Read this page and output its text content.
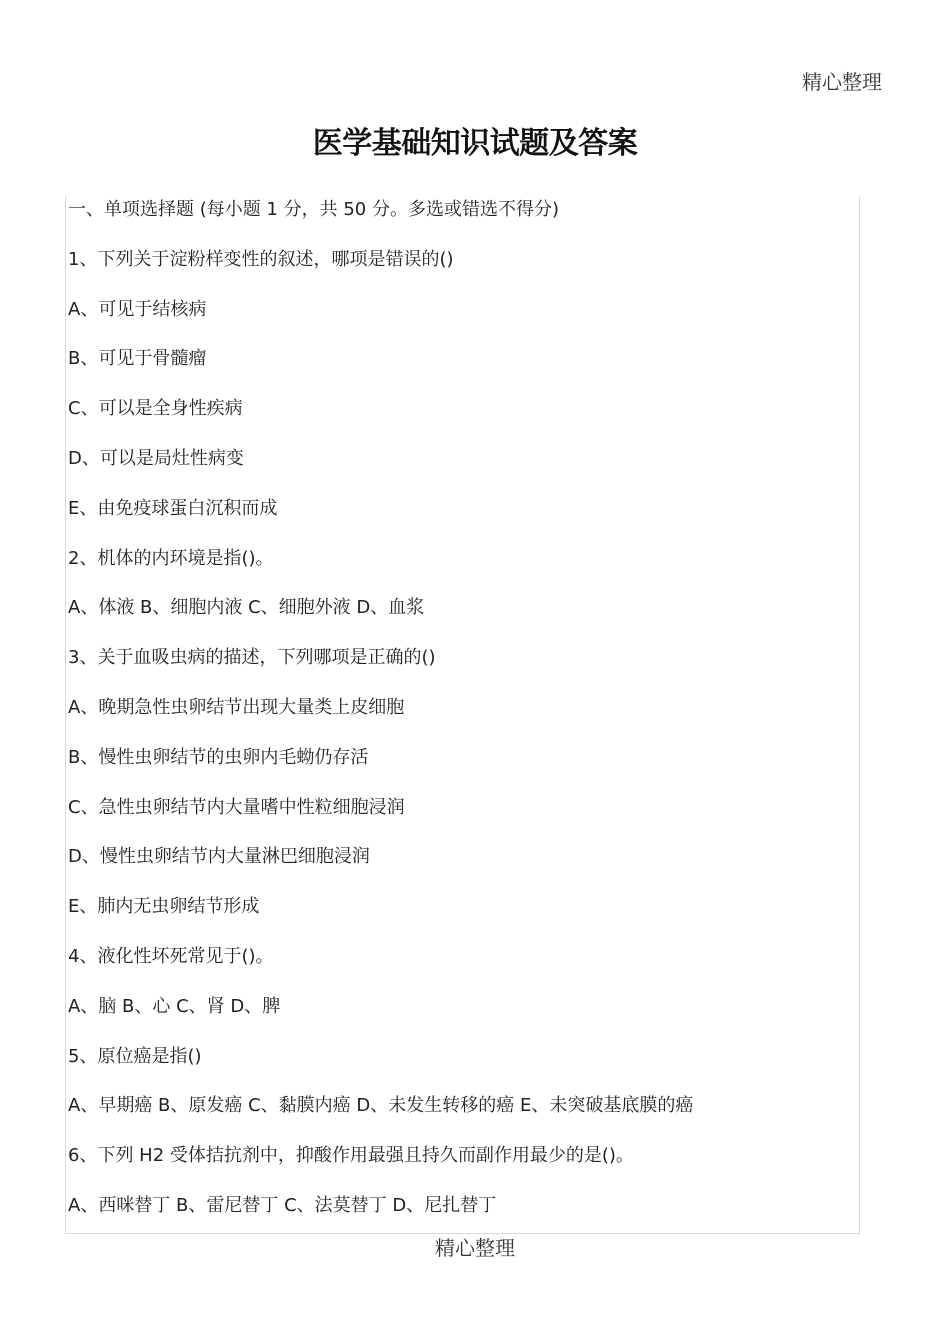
精心整理
医学基础知识试题及答案
一、单项选择题 (每小题 1 分，共 50 分。多选或错选不得分)
1、下列关于淀粉样变性的叙述，哪项是错误的()
A、可见于结核病
B、可见于骨髓瘤
C、可以是全身性疾病
D、可以是局灶性病变
E、由免疫球蛋白沉积而成
2、机体的内环境是指()。
A、体液 B、细胞内液 C、细胞外液 D、血浆
3、关于血吸虫病的描述，下列哪项是正确的()
A、晚期急性虫卵结节出现大量类上皮细胞
B、慢性虫卵结节的虫卵内毛蚴仍存活
C、急性虫卵结节内大量嗜中性粒细胞浸润
D、慢性虫卵结节内大量淋巴细胞浸润
E、肺内无虫卵结节形成
4、液化性坏死常见于()。
A、脑 B、心 C、肾 D、脾
5、原位癌是指()
A、早期癌 B、原发癌 C、黏膜内癌 D、未发生转移的癌 E、未突破基底膜的癌
6、下列 H2 受体拮抗剂中，抑酸作用最强且持久而副作用最少的是()。
A、西咪替丁 B、雷尼替丁 C、法莫替丁 D、尼扎替丁
精心整理
